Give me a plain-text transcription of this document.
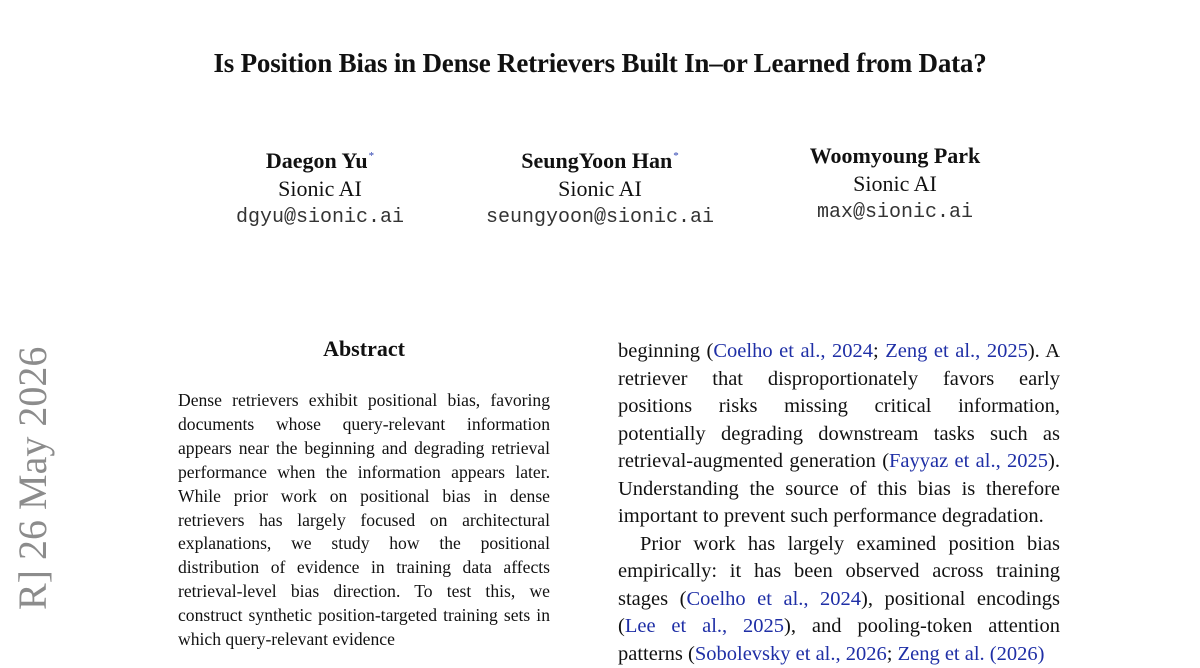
Is Position Bias in Dense Retrievers Built In–or Learned from Data?
Daegon Yu*
Sionic AI
dgyu@sionic.ai
SeungYoon Han*
Sionic AI
seungyoon@sionic.ai
Woomyoung Park
Sionic AI
max@sionic.ai
R] 26 May 2026	Abstract
Dense retrievers exhibit positional bias, favoring documents whose query-relevant information appears near the beginning and degrading retrieval performance when the information appears later. While prior work on positional bias in dense retrievers has largely focused on architectural explanations, we study how the positional distribution of evidence in training data affects retrieval-level bias direction. To test this, we construct synthetic position-targeted training sets in which query-relevant evidence

beginning (Coelho et al., 2024; Zeng et al., 2025). A retriever that disproportionately favors early positions risks missing critical information, potentially degrading downstream tasks such as retrieval-augmented generation (Fayyaz et al., 2025). Understanding the source of this bias is therefore important to prevent such performance degradation.

Prior work has largely examined position bias empirically: it has been observed across training stages (Coelho et al., 2024), positional encodings (Lee et al., 2025), and pooling-token attention patterns (Sobolevsky et al., 2026; Zeng et al. (2026)
